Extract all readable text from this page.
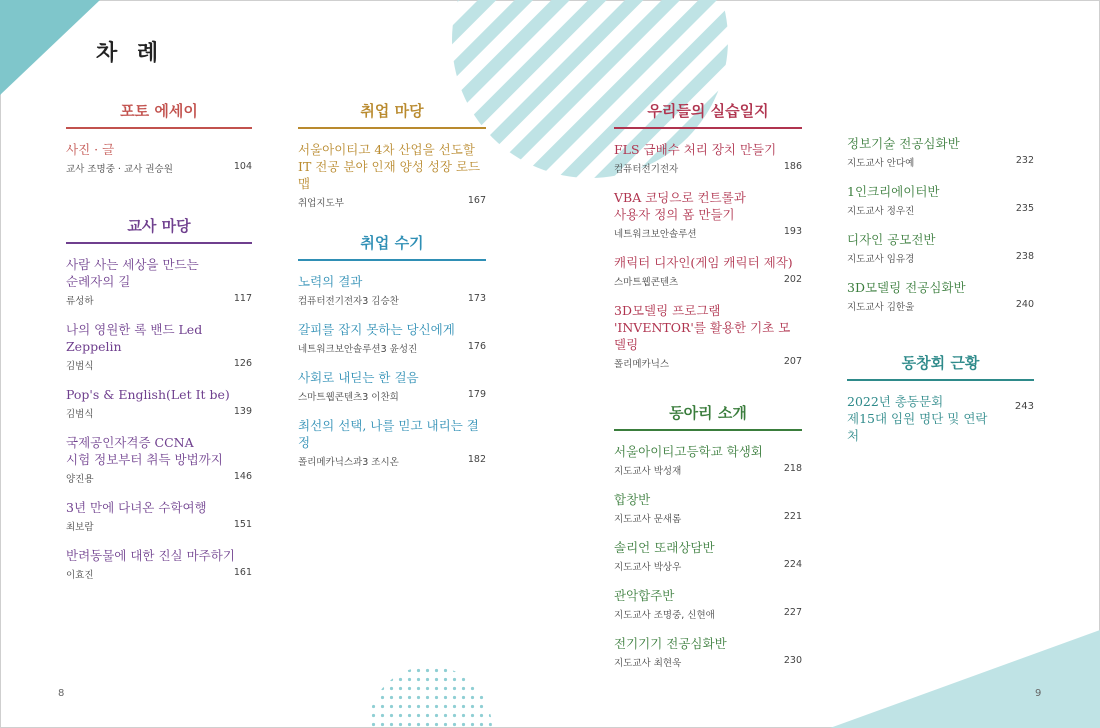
차 례
포토 에세이
사진 · 글
교사 조명중 · 교사 권승원	104
교사 마당
사람 사는 세상을 만드는
순례자의 길
류성하	117
나의 영원한 록 밴드 Led Zeppelin
김범식	126
Pop's & English(Let It be)
김범식	139
국제공인자격증 CCNA
시험 정보부터 취득 방법까지
양진용	146
3년 만에 다녀온 수학여행
최보람	151
반려동물에 대한 진실 마주하기
이효진	161
취업 마당
서울아이티고 4차 산업을 선도할
IT 전공 분야 인재 양성 성장 로드맵
취업지도부	167
취업 수기
노력의 결과
컴퓨터전기전자3 김승찬	173
갈피를 잡지 못하는 당신에게
네트워크보안솔루션3 윤성진	176
사회로 내딛는 한 걸음
스마트웹콘텐츠3 이찬희	179
최선의 선택, 나를 믿고 내리는 결정
폴리메카닉스과3 조시온	182
우리들의 실습일지
FLS 급배수 처리 장치 만들기
컴퓨터전기전자	186
VBA 코딩으로 컨트롤과
사용자 정의 폼 만들기
네트워크보안솔루션	193
캐릭터 디자인(게임 캐릭터 제작)
스마트웹콘텐츠	202
3D모델링 프로그램
'INVENTOR'를 활용한 기초 모델링
폴리메카닉스	207
동아리 소개
서울아이티고등학교 학생회
지도교사 박성재	218
합창반
지도교사 문새롬	221
솔리언 또래상담반
지도교사 박상우	224
관악합주반
지도교사 조명중, 신현애	227
전기기기 전공심화반
지도교사 최현욱	230
정보기술 전공심화반
지도교사 안다예	232
1인크리에이터반
지도교사 정우진	235
디자인 공모전반
지도교사 임유경	238
3D모델링 전공심화반
지도교사 김한울	240
동창회 근황
2022년 총동문회
제15대 임원 명단 및 연락처
243
8	9
